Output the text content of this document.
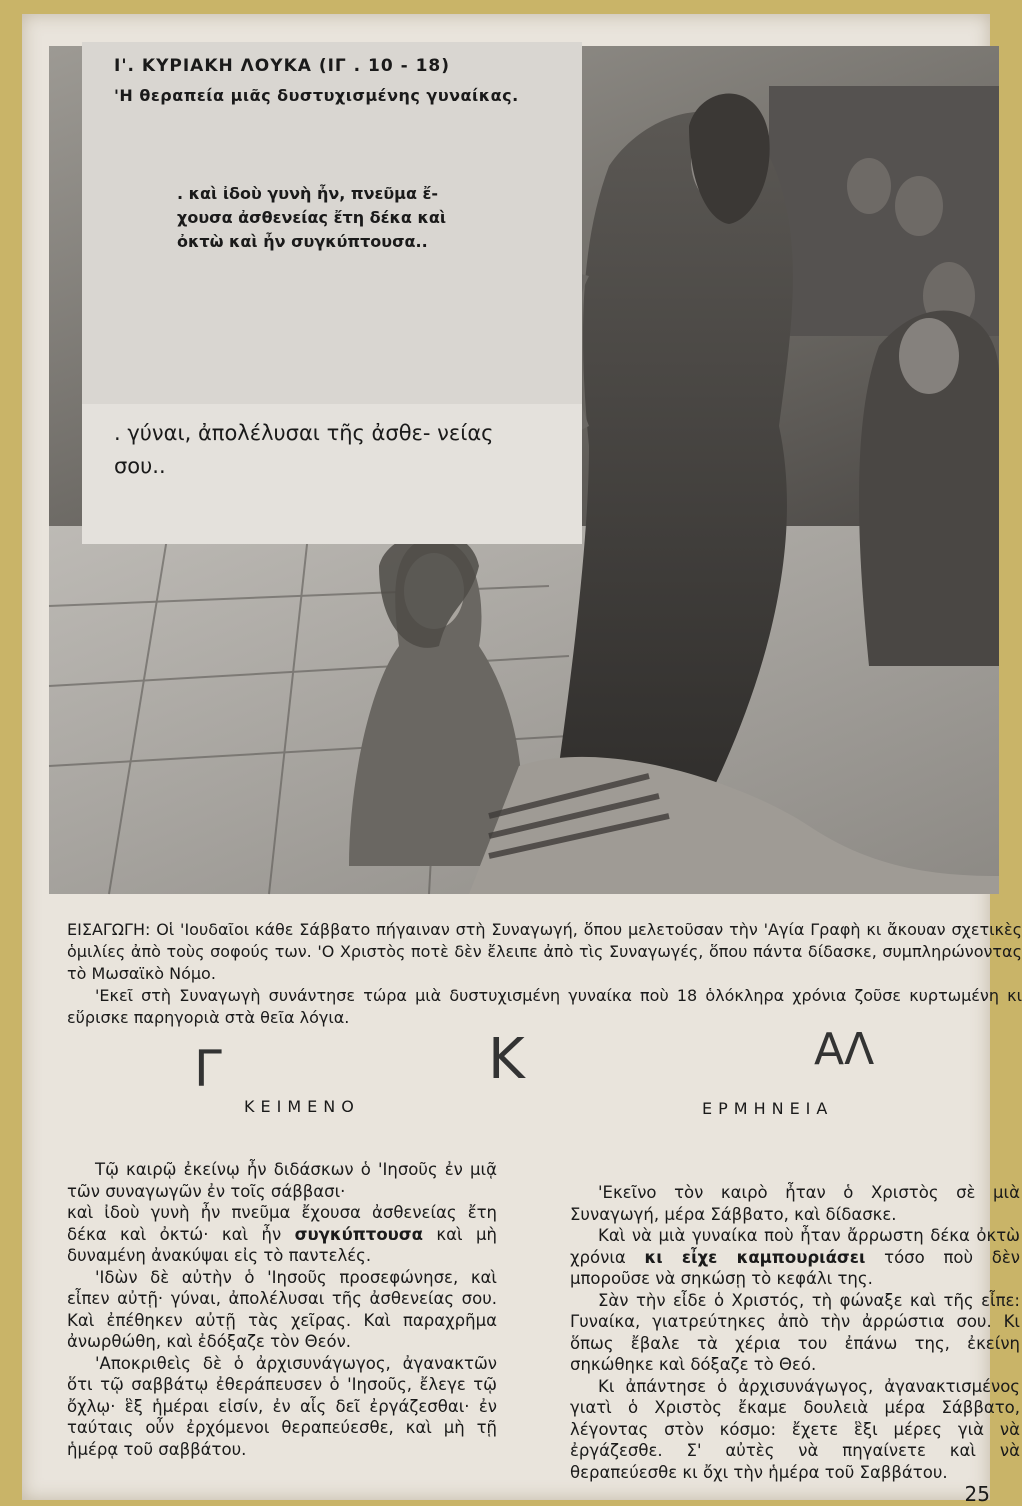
Ι'. ΚΥΡΙΑΚΗ ΛΟΥΚΑ (ΙΓ . 10 - 18)
'Η θεραπεία μιᾶς δυστυχισμένης γυναίκας.
. καὶ ἰδοὺ γυνὴ ἦν, πνεῦμα ἔ- χουσα ἀσθενείας ἔτη δέκα καὶ ὀκτὼ καὶ ἦν συγκύπτουσα..
. γύναι, ἀπολέλυσαι τῆς ἀσθε- νείας σου..

ΕΙΣΑΓΩΓΗ: Οἱ 'Ιουδαῖοι κάθε Σάββατο πήγαιναν στὴ Συναγωγή, ὅπου μελετοῦσαν τὴν 'Αγία Γραφὴ κι ἄκουαν σχετικὲς ὁμιλίες ἀπὸ τοὺς σοφούς των. 'Ο Χριστὸς ποτὲ δὲν ἔλειπε ἀπὸ τὶς Συναγωγές, ὅπου πάντα δίδασκε, συμπληρώνοντας τὸ Μωσαϊκὸ Νόμο.

'Εκεῖ στὴ Συναγωγὴ συνάντησε τώρα μιὰ δυστυχισμένη γυναίκα ποὺ 18 ὁλόκληρα χρόνια ζοῦσε κυρτωμένη κι εὕρισκε παρηγοριὰ στὰ θεῖα λόγια.

Γ	Κ	ΑΛ
ΚΕΙΜΕΝΟ	ΕΡΜΗΝΕΙΑ

Τῷ καιρῷ ἐκείνῳ ἦν διδάσκων ὁ 'Ιησοῦς ἐν μιᾷ τῶν συναγωγῶν ἐν τοῖς σάββασι·

καὶ ἰδοὺ γυνὴ ἦν πνεῦμα ἔχουσα ἀσθενείας ἔτη δέκα καὶ ὀκτώ· καὶ ἦν συγκύπτουσα καὶ μὴ δυναμένη ἀνακύψαι εἰς τὸ παντελές.

'Ιδὼν δὲ αὐτὴν ὁ 'Ιησοῦς προσεφώνησε, καὶ εἶπεν αὐτῇ· γύναι, ἀπολέλυσαι τῆς ἀσθενείας σου. Καὶ ἐπέθηκεν αὐτῇ τὰς χεῖρας. Καὶ παραχρῆμα ἀνωρθώθη, καὶ ἐδόξαζε τὸν Θεόν.

'Αποκριθεὶς δὲ ὁ ἀρχισυνάγωγος, ἀγανακτῶν ὅτι τῷ σαββάτῳ ἐθεράπευσεν ὁ 'Ιησοῦς, ἔλεγε τῷ ὄχλῳ· ἓξ ἡμέραι εἰσίν, ἐν αἷς δεῖ ἐργάζεσθαι· ἐν ταύταις οὖν ἐρχόμενοι θεραπεύεσθε, καὶ μὴ τῇ ἡμέρᾳ τοῦ σαββάτου.

'Εκεῖνο τὸν καιρὸ ἦταν ὁ Χριστὸς σὲ μιὰ Συναγωγή, μέρα Σάββατο, καὶ δίδασκε.

Καὶ νὰ μιὰ γυναίκα ποὺ ἦταν ἄρρωστη δέκα ὀκτὼ χρόνια κι εἶχε καμπουριάσει τόσο ποὺ δὲν μποροῦσε νὰ σηκώσῃ τὸ κεφάλι της.

Σὰν τὴν εἶδε ὁ Χριστός, τὴ φώναξε καὶ τῆς εἶπε: Γυναίκα, γιατρεύτηκες ἀπὸ τὴν ἀρρώστια σου. Κι ὅπως ἔβαλε τὰ χέρια του ἐπάνω της, ἐκείνη σηκώθηκε καὶ δόξαζε τὸ Θεό.

Κι ἀπάντησε ὁ ἀρχισυνάγωγος, ἀγανακτισμένος γιατὶ ὁ Χριστὸς ἔκαμε δουλειὰ μέρα Σάββατο, λέγοντας στὸν κόσμο: ἔχετε ἓξι μέρες γιὰ νὰ ἐργάζεσθε. Σ' αὐτὲς νὰ πηγαίνετε καὶ νὰ θεραπεύεσθε κι ὄχι τὴν ἡμέρα τοῦ Σαββάτου.

25
